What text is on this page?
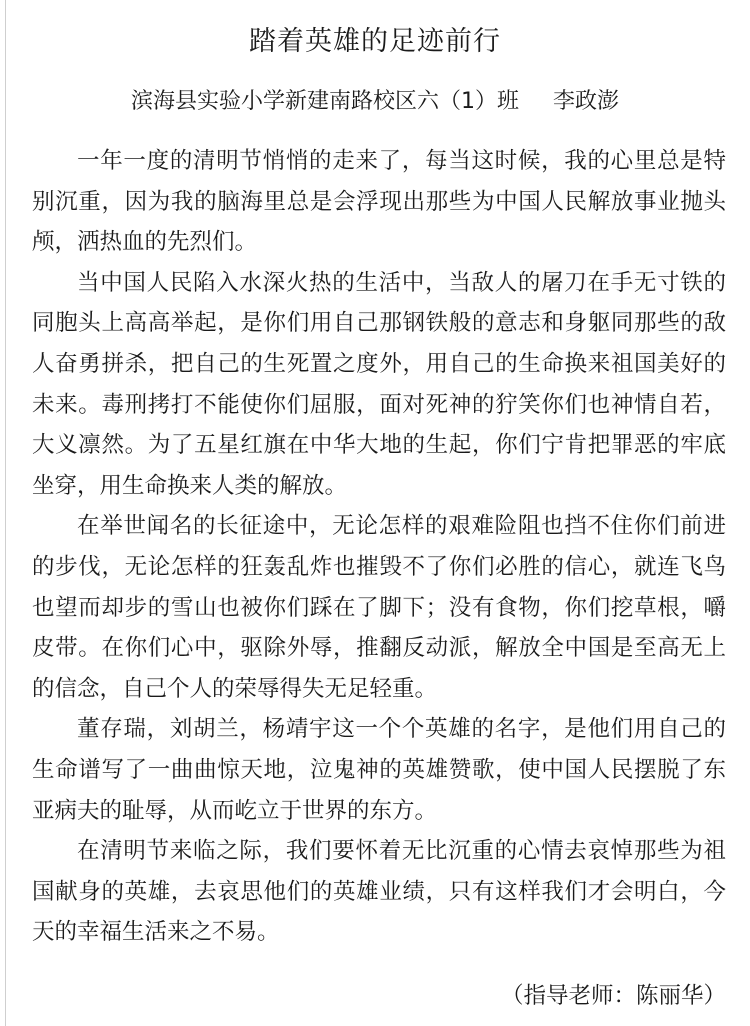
踏着英雄的足迹前行
滨海县实验小学新建南路校区六（1）班 李政澎

一年一度的清明节悄悄的走来了，每当这时候，我的心里总是特别沉重，因为我的脑海里总是会浮现出那些为中国人民解放事业抛头颅，洒热血的先烈们。

当中国人民陷入水深火热的生活中，当敌人的屠刀在手无寸铁的同胞头上高高举起，是你们用自己那钢铁般的意志和身躯同那些的敌人奋勇拼杀，把自己的生死置之度外，用自己的生命换来祖国美好的未来。毒刑拷打不能使你们屈服，面对死神的狞笑你们也神情自若，大义凛然。为了五星红旗在中华大地的生起，你们宁肯把罪恶的牢底坐穿，用生命换来人类的解放。

在举世闻名的长征途中，无论怎样的艰难险阻也挡不住你们前进的步伐，无论怎样的狂轰乱炸也摧毁不了你们必胜的信心，就连飞鸟也望而却步的雪山也被你们踩在了脚下；没有食物，你们挖草根，嚼皮带。在你们心中，驱除外辱，推翻反动派，解放全中国是至高无上的信念，自己个人的荣辱得失无足轻重。

董存瑞，刘胡兰，杨靖宇这一个个英雄的名字，是他们用自己的生命谱写了一曲曲惊天地，泣鬼神的英雄赞歌，使中国人民摆脱了东亚病夫的耻辱，从而屹立于世界的东方。

在清明节来临之际，我们要怀着无比沉重的心情去哀悼那些为祖国献身的英雄，去哀思他们的英雄业绩，只有这样我们才会明白，今天的幸福生活来之不易。

（指导老师：陈丽华）
